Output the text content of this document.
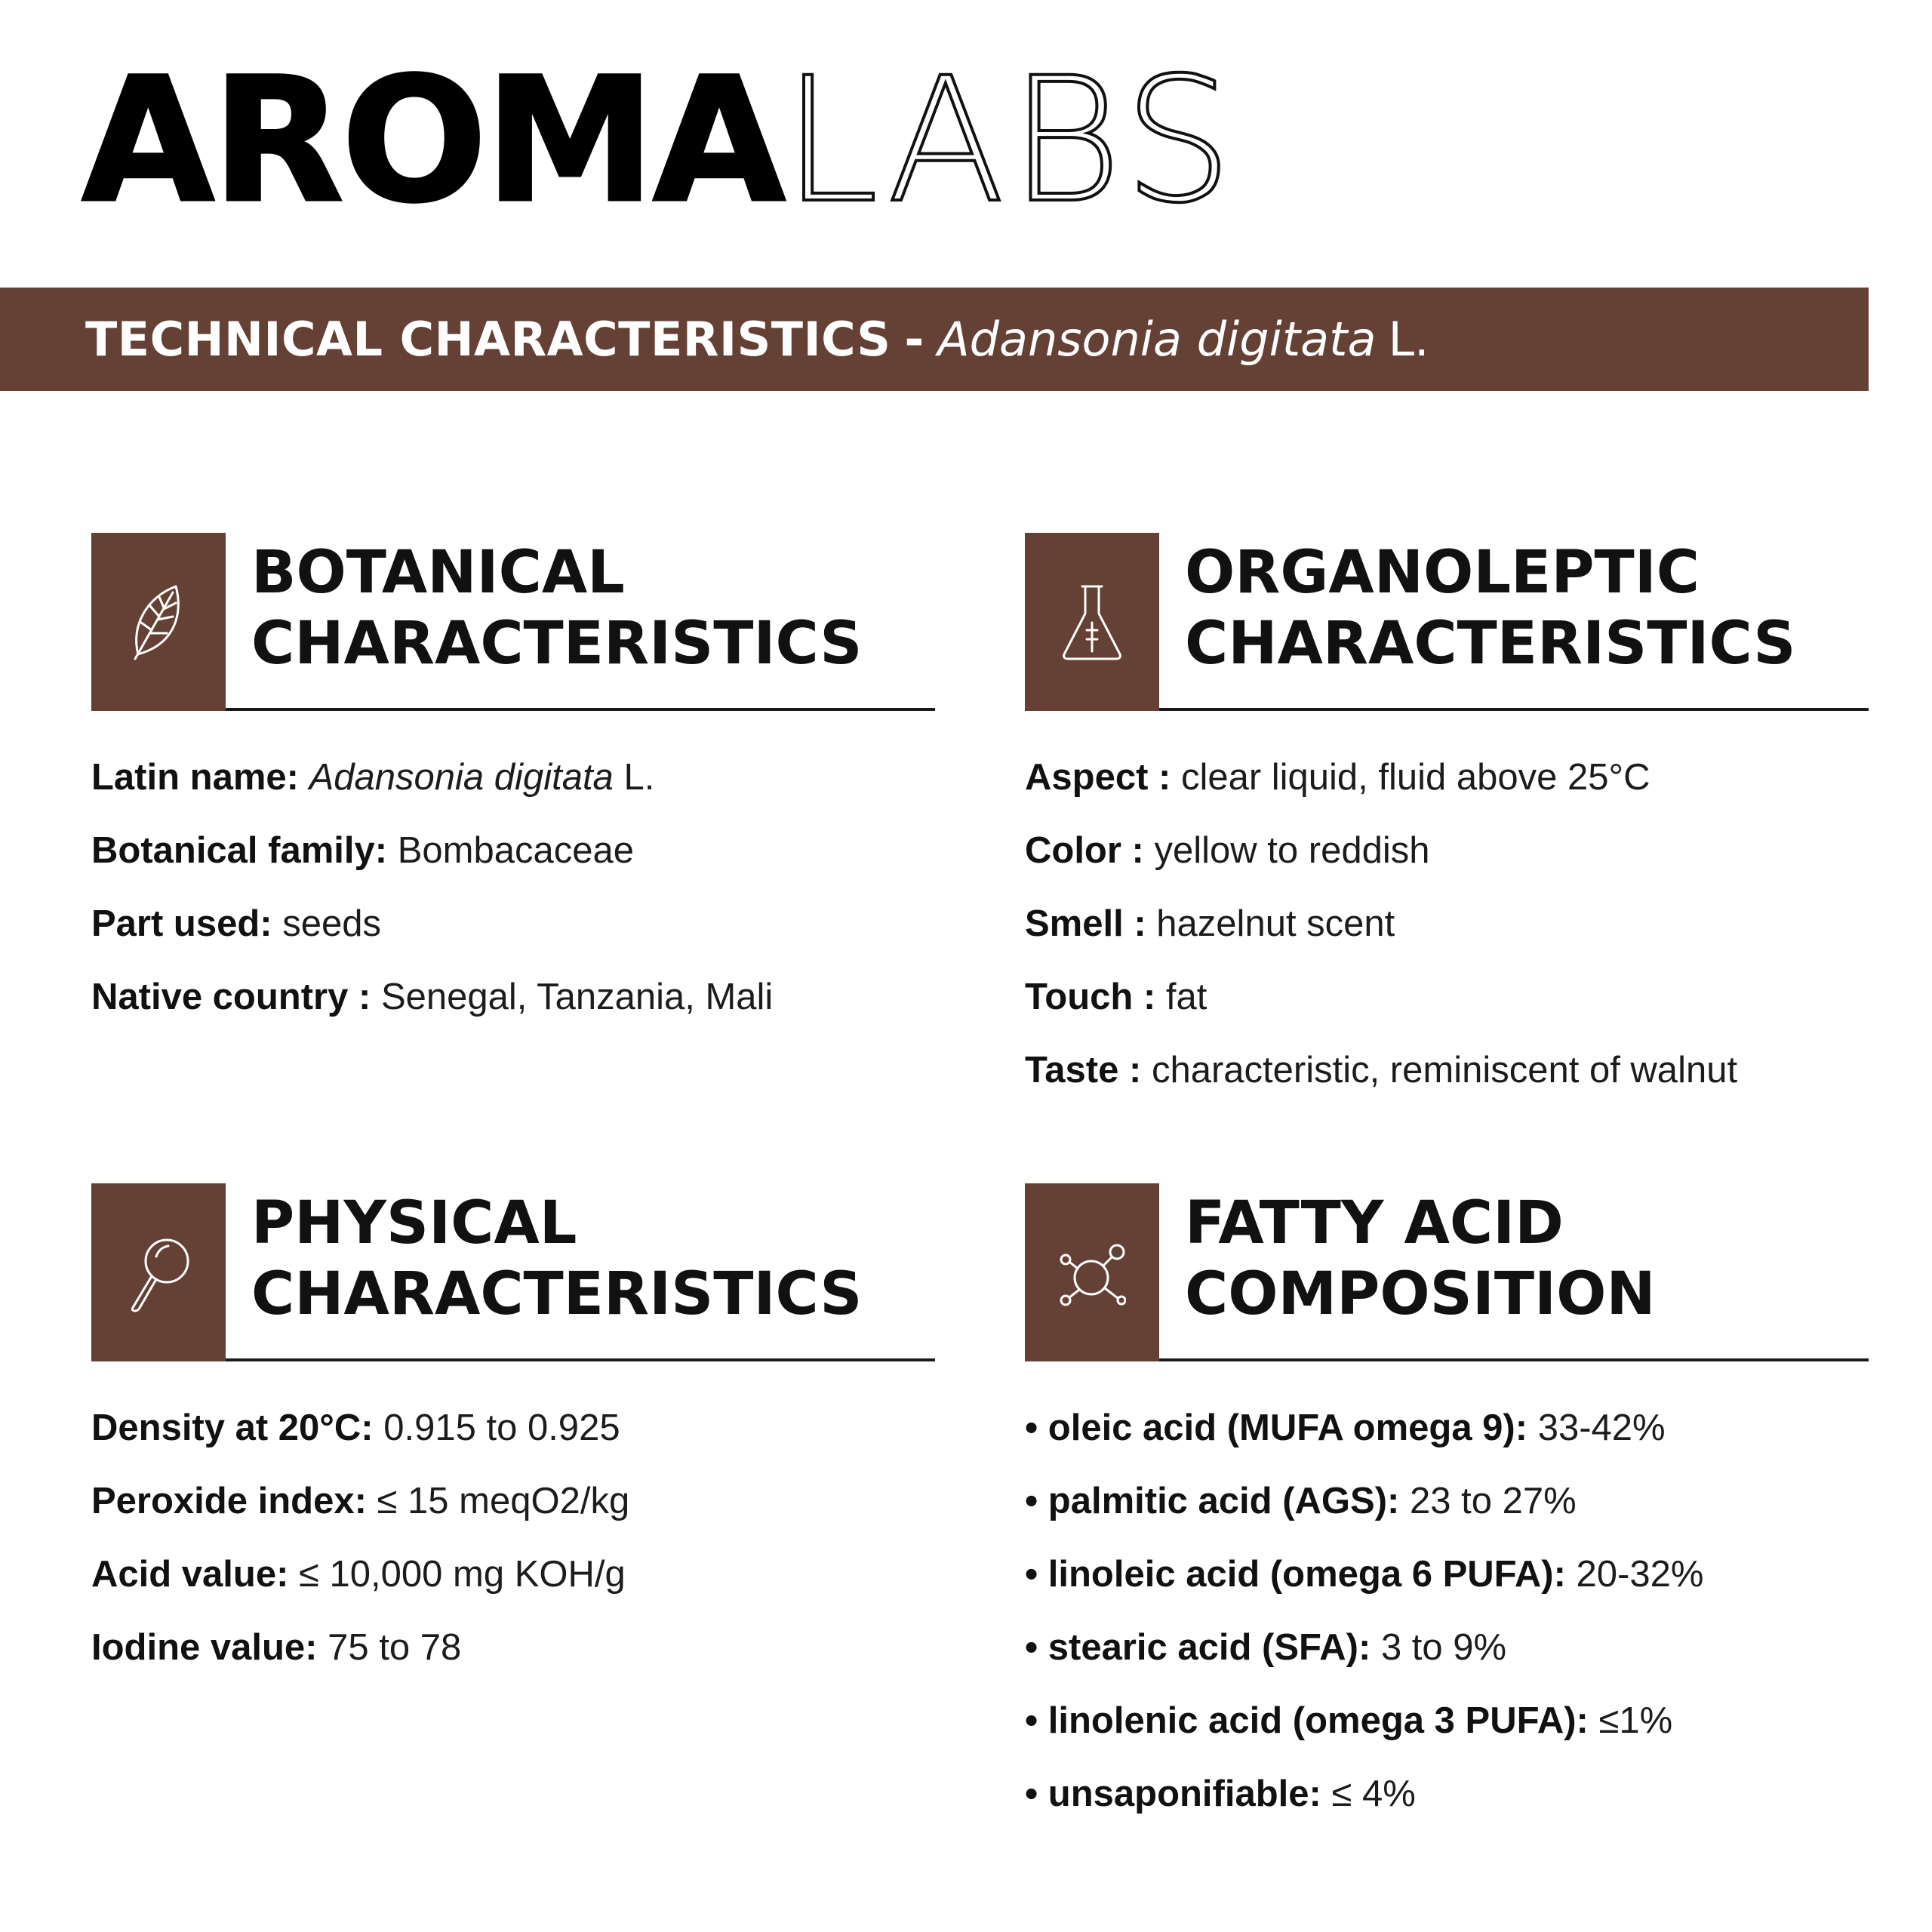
AROMA LABS
TECHNICAL CHARACTERISTICS - Adansonia digitata L.
BOTANICAL
CHARACTERISTICS
Latin name: Adansonia digitata L.
Botanical family: Bombacaceae
Part used: seeds
Native country : Senegal, Tanzania, Mali
ORGANOLEPTIC
CHARACTERISTICS
Aspect : clear liquid, fluid above 25°C
Color : yellow to reddish
Smell : hazelnut scent
Touch : fat
Taste : characteristic, reminiscent of walnut
PHYSICAL
CHARACTERISTICS
Density at 20°C: 0.915 to 0.925
Peroxide index: ≤ 15 meqO2/kg
Acid value: ≤ 10,000 mg KOH/g
Iodine value: 75 to 78
FATTY ACID
COMPOSITION
• oleic acid (MUFA omega 9): 33-42%
• palmitic acid (AGS): 23 to 27%
• linoleic acid (omega 6 PUFA): 20-32%
• stearic acid (SFA): 3 to 9%
• linolenic acid (omega 3 PUFA): ≤1%
• unsaponifiable: ≤ 4%
